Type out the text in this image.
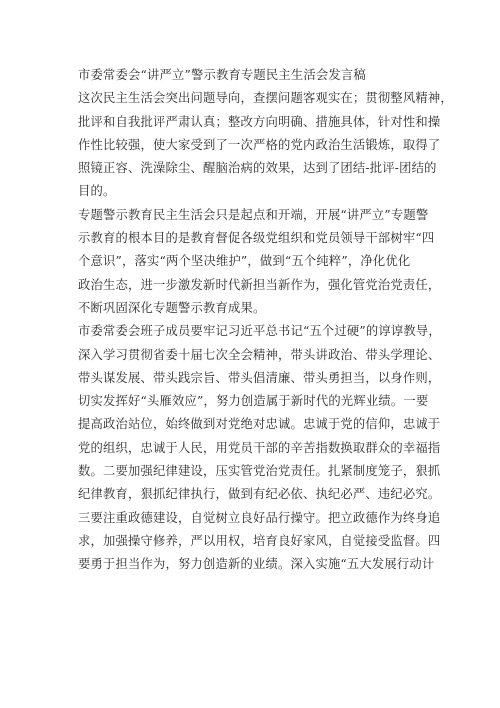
市委常委会“讲严立”警示教育专题民主生活会发言稿

这次民主生活会突出问题导向，查摆问题客观实在；贯彻整风精神，
批评和自我批评严肃认真；整改方向明确、措施具体，针对性和操
作性比较强，使大家受到了一次严格的党内政治生活锻炼，取得了
照镜正容、洗澡除尘、醒脑治病的效果，达到了团结-批评-团结的
目的。
专题警示教育民主生活会只是起点和开端，开展“讲严立”专题警
示教育的根本目的是教育督促各级党组织和党员领导干部树牢“四
个意识”，落实“两个坚决维护”，做到“五个纯粹”，净化优化
政治生态，进一步激发新时代新担当新作为，强化管党治党责任，
不断巩固深化专题警示教育成果。
市委常委会班子成员要牢记习近平总书记“五个过硬”的谆谆教导，
深入学习贯彻省委十届七次全会精神，带头讲政治、带头学理论、
带头谋发展、带头践宗旨、带头倡清廉、带头勇担当，以身作则，
切实发挥好“头雁效应”，努力创造属于新时代的光辉业绩。一要
提高政治站位，始终做到对党绝对忠诚。忠诚于党的信仰，忠诚于
党的组织，忠诚于人民，用党员干部的辛苦指数换取群众的幸福指
数。二要加强纪律建设，压实管党治党责任。扎紧制度笼子，狠抓
纪律教育，狠抓纪律执行，做到有纪必依、执纪必严、违纪必究。
三要注重政德建设，自觉树立良好品行操守。把立政德作为终身追
求，加强操守修养，严以用权，培育良好家风，自觉接受监督。四
要勇于担当作为，努力创造新的业绩。深入实施“五大发展行动计
